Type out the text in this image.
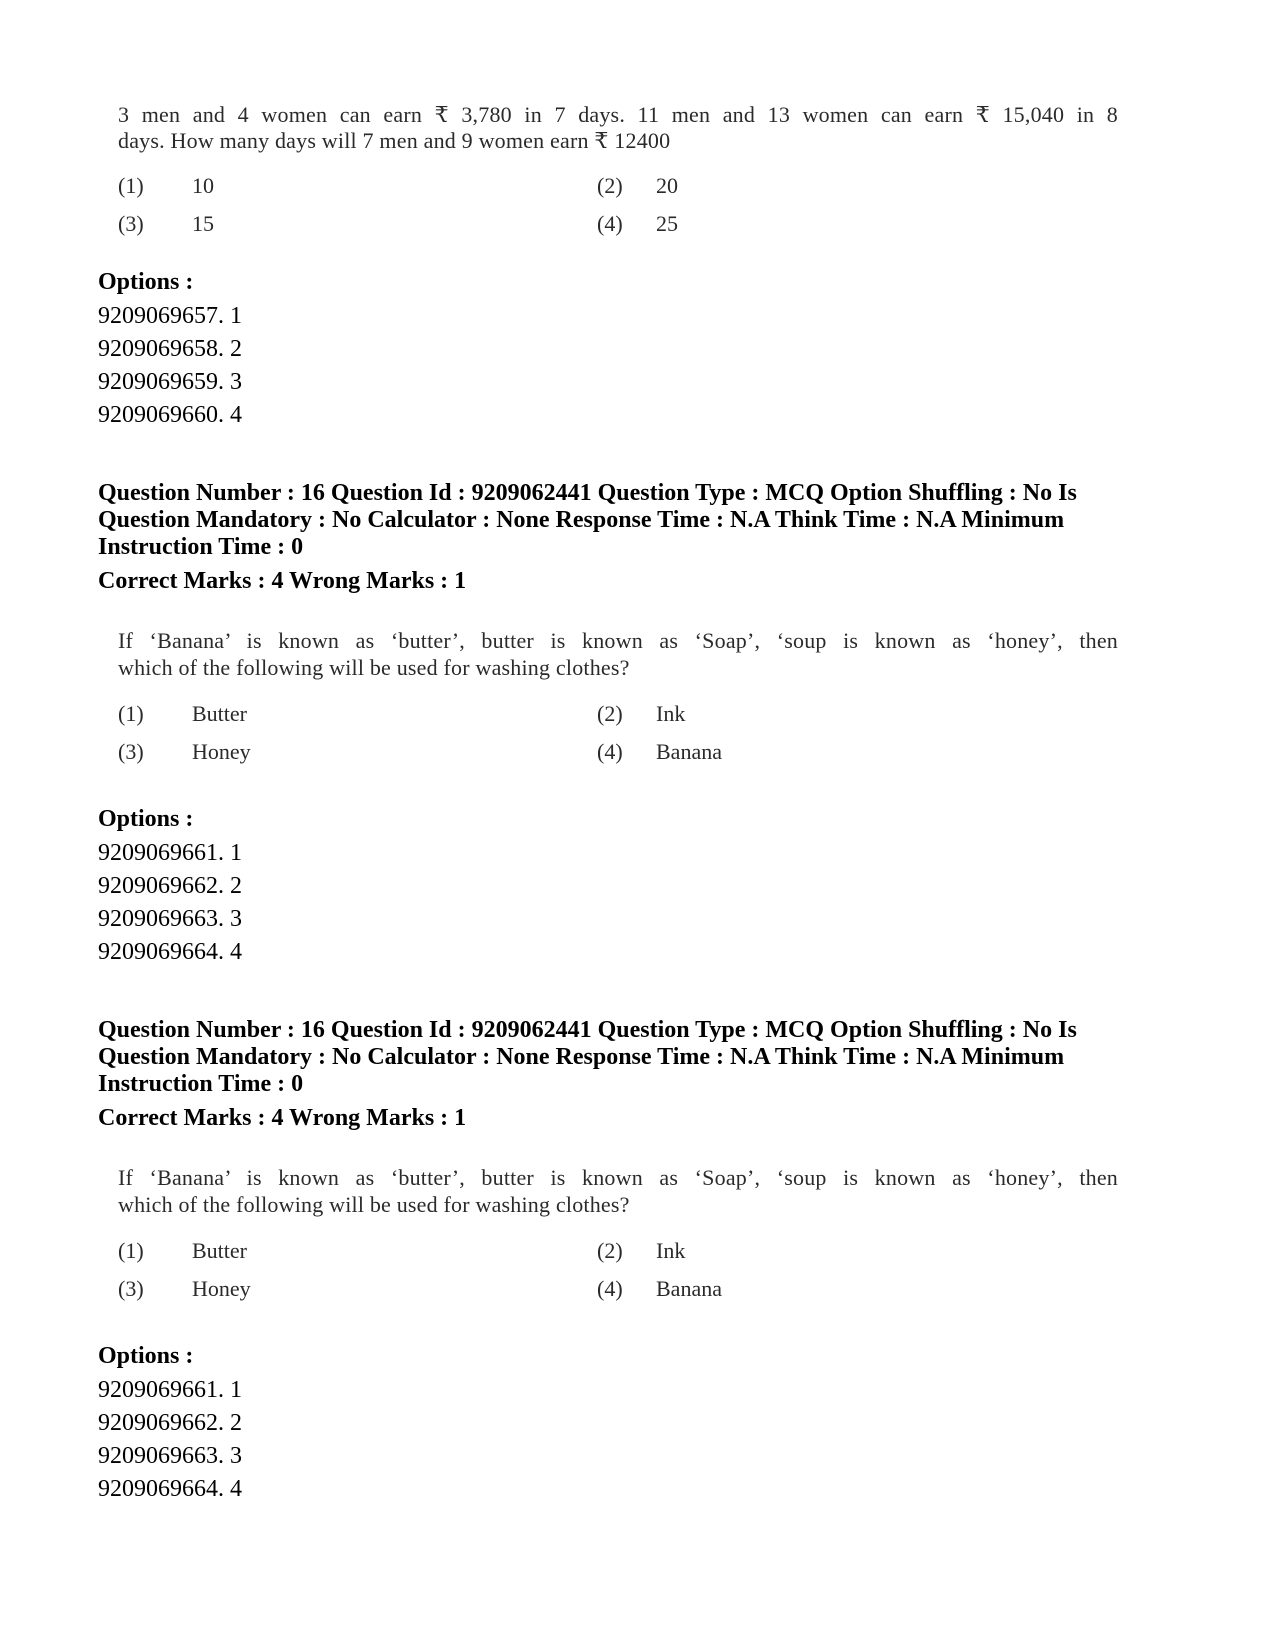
3 men and 4 women can earn ₹ 3,780 in 7 days. 11 men and 13 women can earn ₹ 15,040 in 8
days. How many days will 7 men and 9 women earn ₹ 12400
(1) 10	(2) 20
(3) 15	(4) 25
Options :
9209069657. 1
9209069658. 2
9209069659. 3
9209069660. 4
Question Number : 16 Question Id : 9209062441 Question Type : MCQ Option Shuffling : No Is
Question Mandatory : No Calculator : None Response Time : N.A Think Time : N.A Minimum
Instruction Time : 0
Correct Marks : 4 Wrong Marks : 1
If ‘Banana’ is known as ‘butter’, butter is known as ‘Soap’, ‘soup is known as ‘honey’, then
which of the following will be used for washing clothes?
(1) Butter	(2) Ink
(3) Honey	(4) Banana
Options :
9209069661. 1
9209069662. 2
9209069663. 3
9209069664. 4
Question Number : 16 Question Id : 9209062441 Question Type : MCQ Option Shuffling : No Is
Question Mandatory : No Calculator : None Response Time : N.A Think Time : N.A Minimum
Instruction Time : 0
Correct Marks : 4 Wrong Marks : 1
If ‘Banana’ is known as ‘butter’, butter is known as ‘Soap’, ‘soup is known as ‘honey’, then
which of the following will be used for washing clothes?
(1) Butter	(2) Ink
(3) Honey	(4) Banana
Options :
9209069661. 1
9209069662. 2
9209069663. 3
9209069664. 4
